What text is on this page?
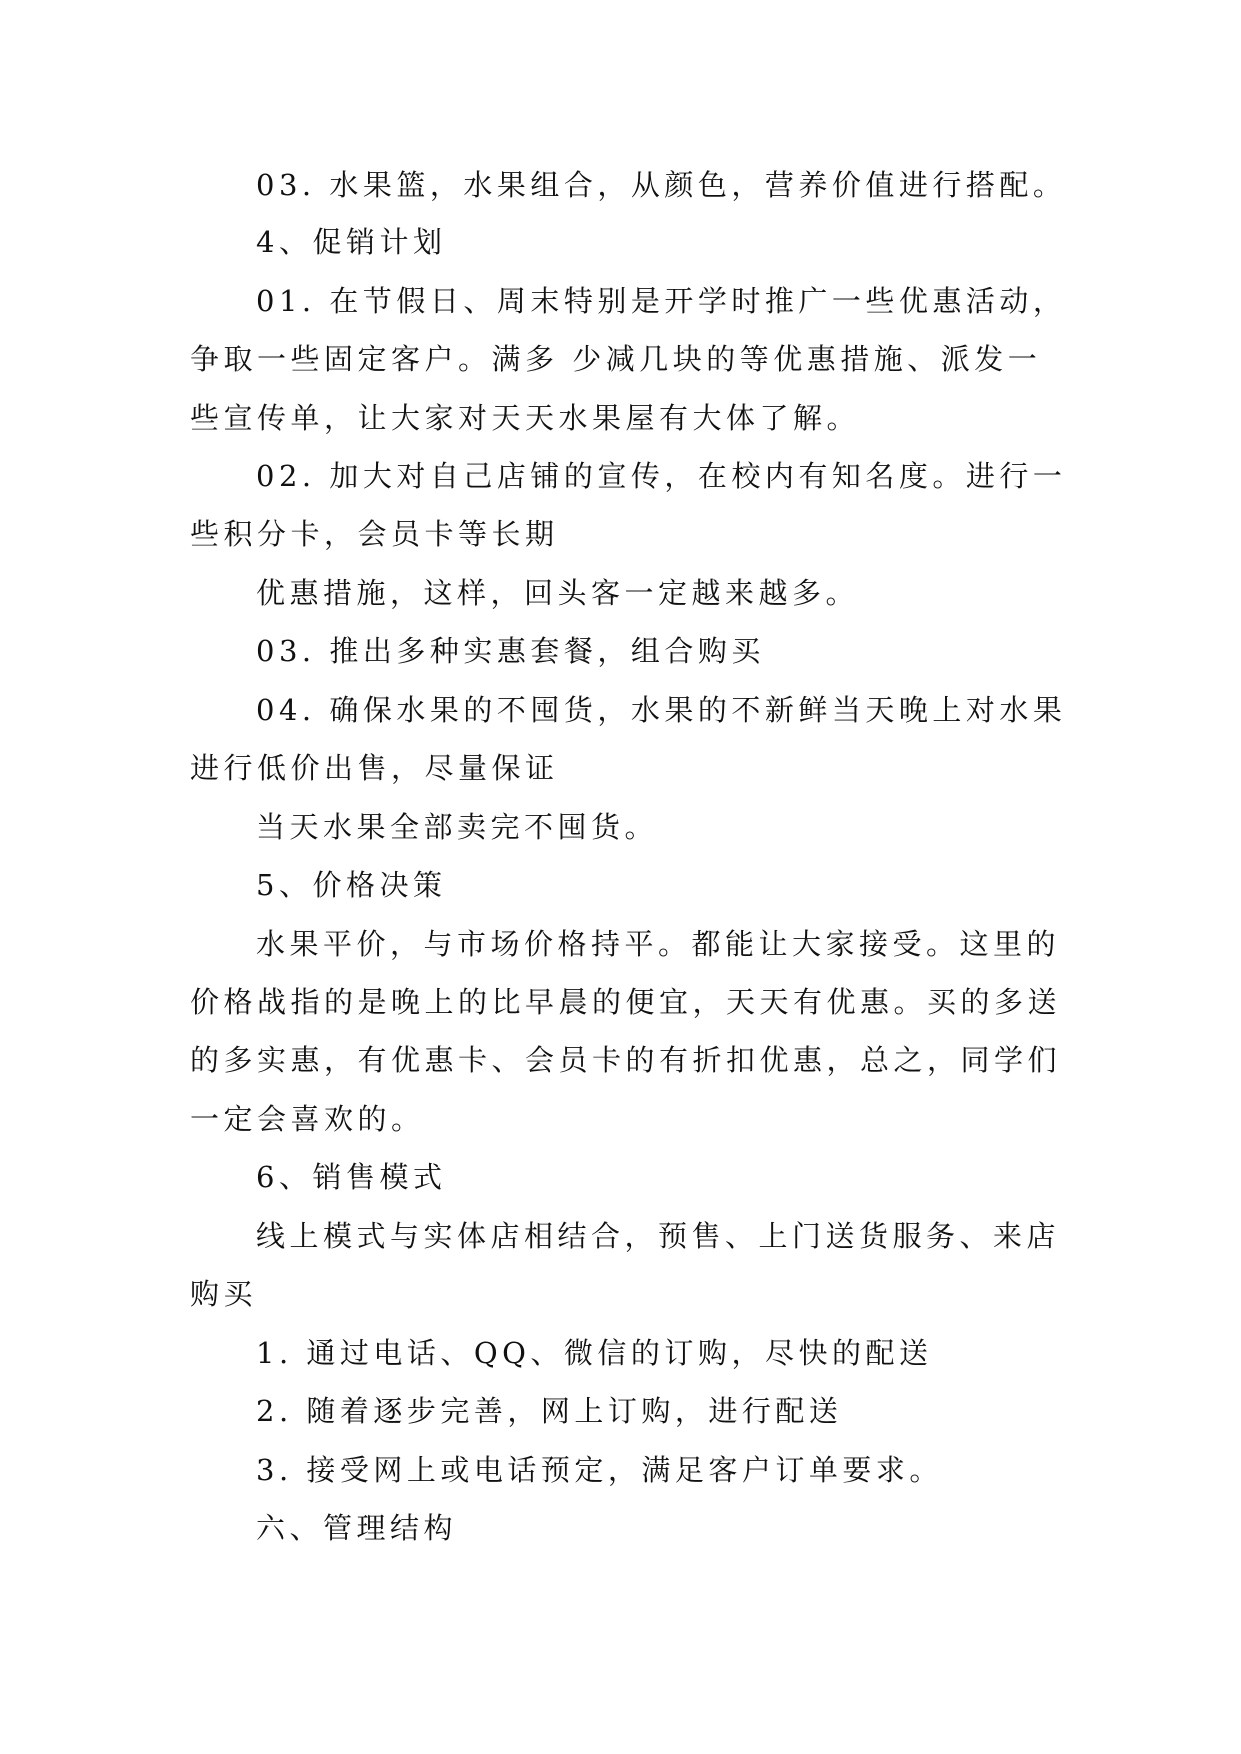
03. 水果篮，水果组合，从颜色，营养价值进行搭配。
4、促销计划
01. 在节假日、周末特别是开学时推广一些优惠活动，
争取一些固定客户。满多 少减几块的等优惠措施、派发一
些宣传单，让大家对天天水果屋有大体了解。
02. 加大对自己店铺的宣传，在校内有知名度。进行一
些积分卡，会员卡等长期
优惠措施，这样，回头客一定越来越多。
03. 推出多种实惠套餐，组合购买
04. 确保水果的不囤货，水果的不新鲜当天晚上对水果
进行低价出售，尽量保证
当天水果全部卖完不囤货。
5、价格决策
水果平价，与市场价格持平。都能让大家接受。这里的
价格战指的是晚上的比早晨的便宜，天天有优惠。买的多送
的多实惠，有优惠卡、会员卡的有折扣优惠，总之，同学们
一定会喜欢的。
6、销售模式
线上模式与实体店相结合，预售、上门送货服务、来店
购买
1. 通过电话、QQ、微信的订购，尽快的配送
2. 随着逐步完善，网上订购，进行配送
3. 接受网上或电话预定，满足客户订单要求。
六、管理结构
